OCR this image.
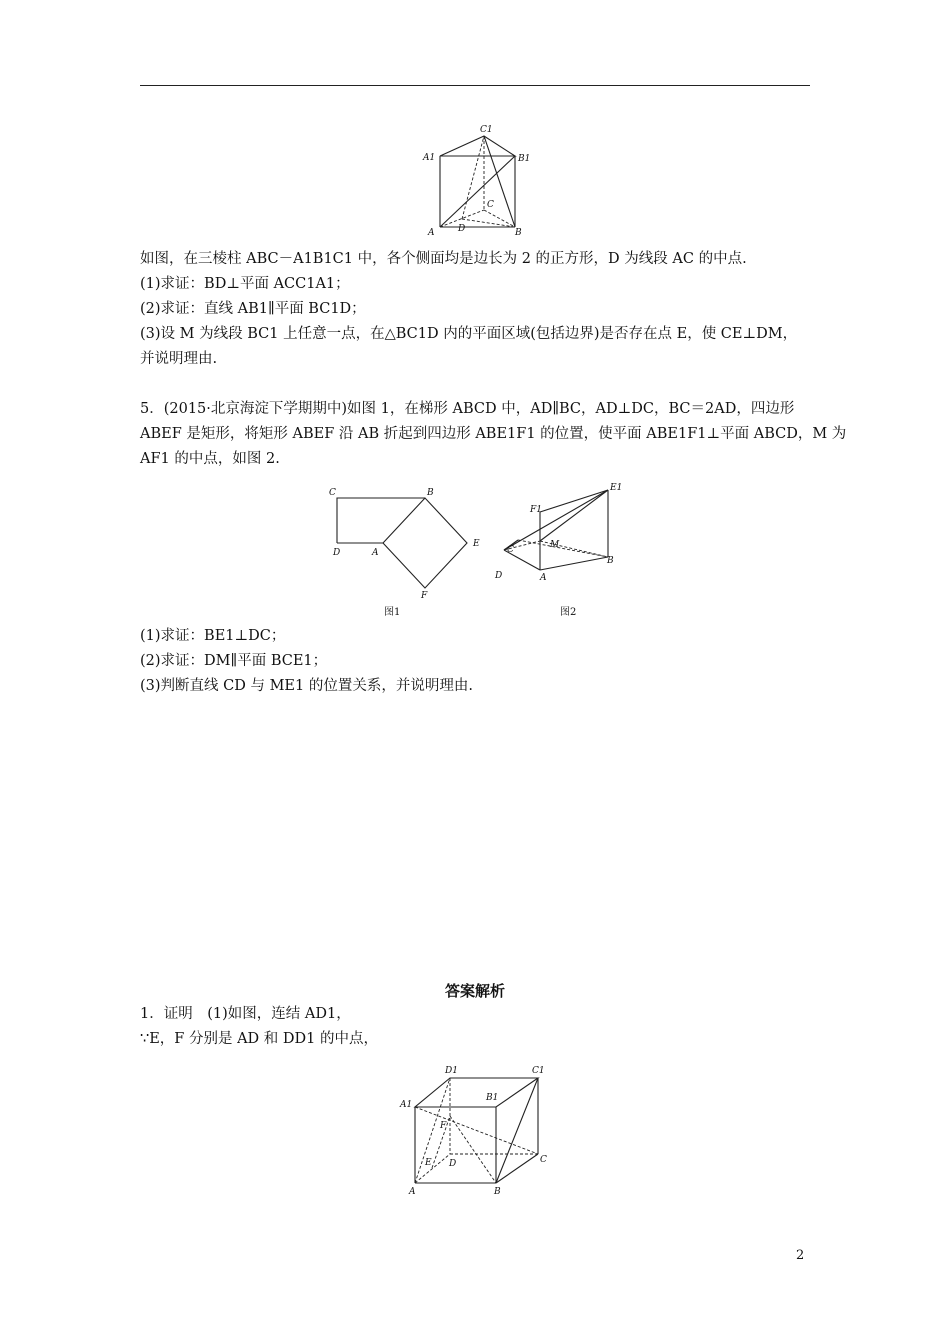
C1
A1	B1
C
A	D	B
如图，在三棱柱 ABC－A1B1C1 中，各个侧面均是边长为 2 的正方形，D 为线段 AC 的中点.
(1)求证：BD⊥平面 ACC1A1；
(2)求证：直线 AB1∥平面 BC1D；
(3)设 M 为线段 BC1 上任意一点，在△BC1D 内的平面区域(包括边界)是否存在点 E，使 CE⊥DM，
并说明理由.
5．(2015·北京海淀下学期期中)如图 1，在梯形 ABCD 中，AD∥BC，AD⊥DC，BC＝2AD，四边形
ABEF 是矩形，将矩形 ABEF 沿 AB 折起到四边形 ABE1F1 的位置，使平面 ABE1F1⊥平面 ABCD，M 为
AF1 的中点，如图 2.
C	B
D	A
E
F
图1
E1
F1
C	M
D	A
B
图2
(1)求证：BE1⊥DC；
(2)求证：DM∥平面 BCE1；
(3)判断直线 CD 与 ME1 的位置关系，并说明理由.
答案解析
1．证明　(1)如图，连结 AD1，
∵E，F 分别是 AD 和 DD1 的中点，
D1	C1
A1
B1
F
E D	C
A	B
2
